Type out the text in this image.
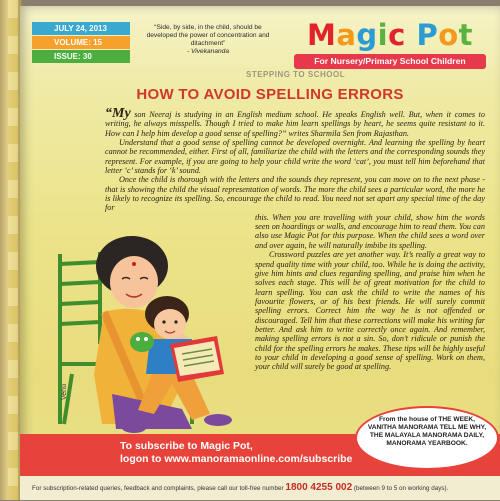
JULY 24, 2013
VOLUME: 15
ISSUE: 30
“Side, by side, in the child, should be developed the power of concentration and ditachment”
- Vivekananda	Magic Pot
For Nursery/Primary School Children
STEPPING TO SCHOOL
HOW TO AVOID SPELLING ERRORS

“My son Neeraj is studying in an English medium school. He speaks English well. But, when it comes to writing, he always misspells. Though I tried to make him learn spellings by heart, he seems quite resistant to it. How can I help him develop a good sense of spelling?” writes Sharmila Sen from Rajasthan.

Understand that a good sense of spelling cannot be developed overnight. And learning the spelling by heart cannot be recommended, either. First of all, familiarize the child with the letters and the corresponding sounds they represent. For example, if you are going to help your child write the word ‘cat’, you must tell him beforehand that letter ‘c’ stands for ‘k’ sound.

Once the child is thorough with the letters and the sounds they represent, you can move on to the next phase -that is showing the child the visual representation of words. The more the child sees a particular word, the more he is likely to recognize its spelling. So, encourage the child to read. You need not set apart any special time of the day for

this. When you are travelling with your child, show him the words seen on hoardings or walls, and encourage him to read them. You can also use Magic Pot for this purpose. When the child sees a word over and over again, he will naturally imbibe its spelling.

Crossword puzzles are yet another way. It’s really a great way to spend quality time with your child, too. While he is doing the activity, give him hints and clues regarding spelling, and praise him when he solves each stage. This will be of great motivation for the child to learn spelling. You can ask the child to write the names of his favourite flowers, or of his best friends. He will surely commit spelling errors. Correct him the way he is not offended or discouraged. Tell him that these corrections will make his writing far better. And ask him to write correctly once again. And remember, making spelling errors is not a sin. So, don’t ridicule or punish the child for the spelling errors he makes. These tips will be highly useful to your child in developing a good sense of spelling. Work on them, your child will surely be good at spelling.

Venu
To subscribe to Magic Pot,
logon to www.manoramaonline.com/subscribe
From the house of THE WEEK, VANITHA MANORAMA TELL ME WHY, THE MALAYALA MANORAMA DAILY, MANORAMA YEARBOOK.
For subscription-related queries, feedback and complaints, please call our toll-free number 1800 4255 002 (between 9 to 5 on working days).
